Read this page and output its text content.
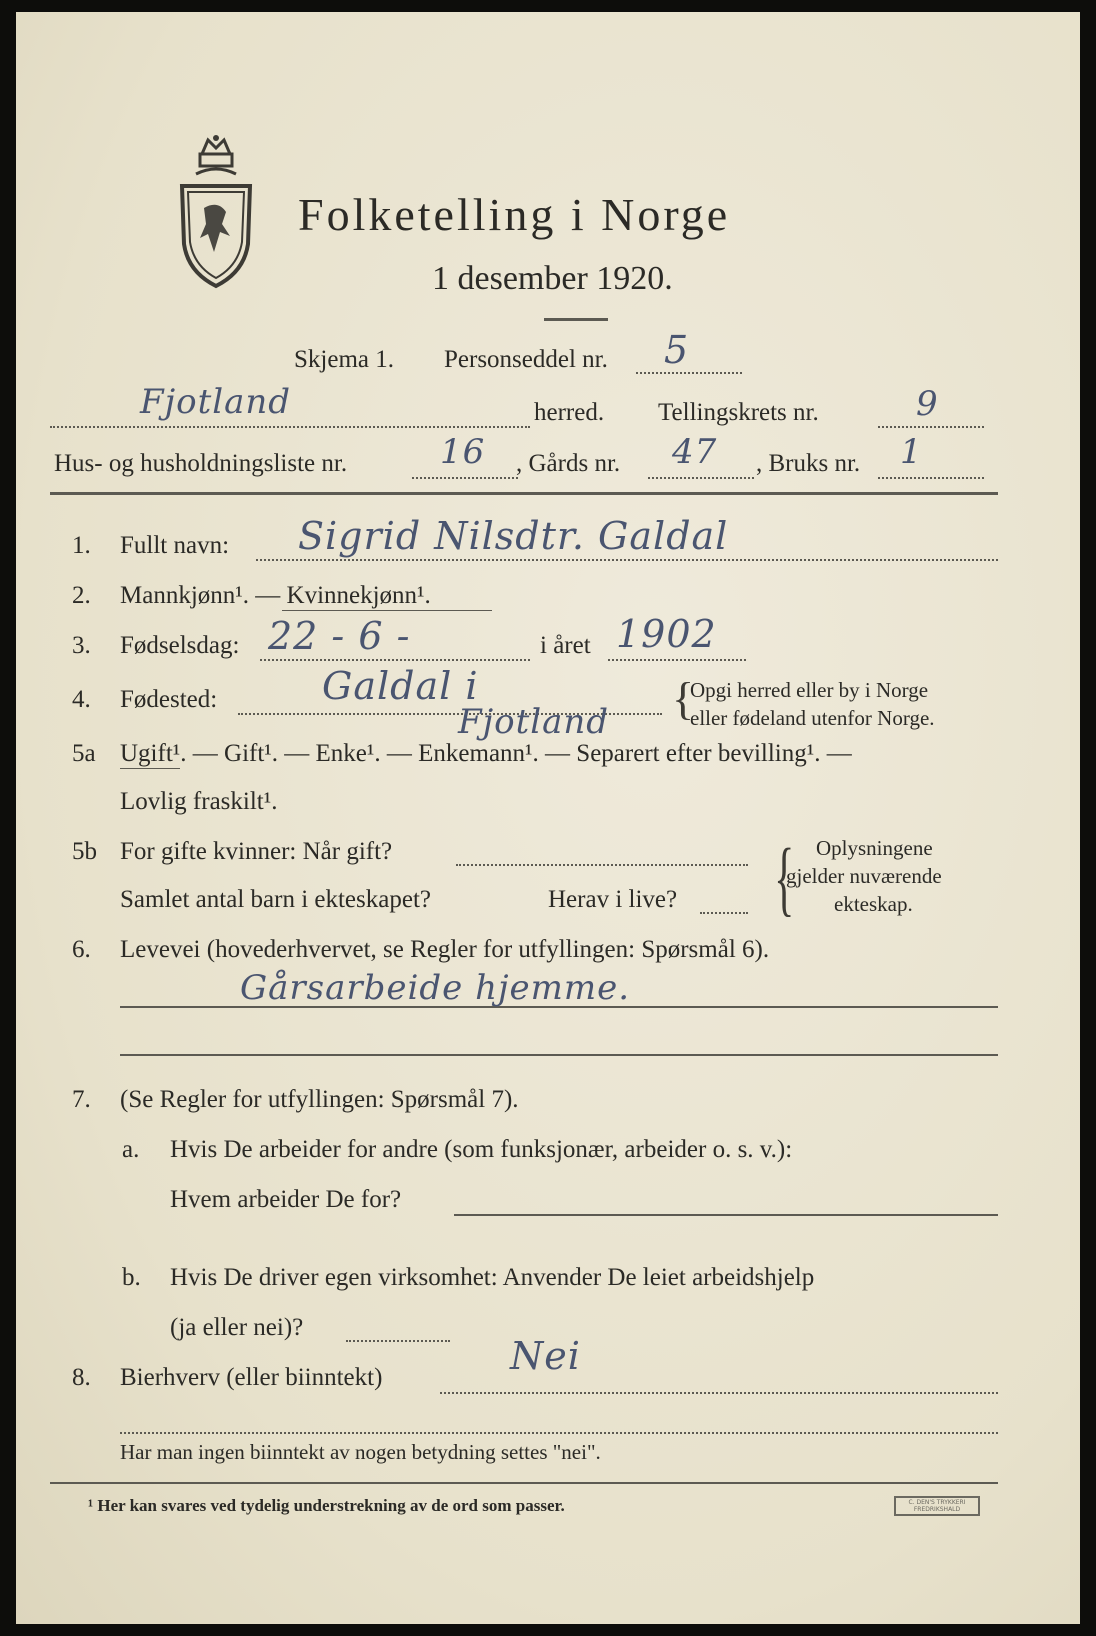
Folketelling i Norge
1 desember 1920.
Skjema 1. Personseddel nr. 5
Fjotland	herred. Tellingskrets nr.	9
Hus- og husholdningsliste nr.	16 , Gårds nr. 47 , Bruks nr. 1
1. Fullt navn: Sigrid Nilsdtr. Galdal
2. Mannkjønn¹. — Kvinnekjønn¹.
3. Fødselsdag: 22 - 6 -	i året 1902
4. Fødested:	Galdal i
Fjotland {
Opgi herred eller by i Norge
eller fødeland utenfor Norge.
5a Ugift¹. — Gift¹. — Enke¹. — Enkemann¹. — Separert efter bevilling¹. —
Lovlig fraskilt¹.
5b For gifte kvinner: Når gift?
Samlet antal barn i ekteskapet?	Herav i live? { Oplysningene
gjelder nuværende
ekteskap.
6. Levevei (hovederhvervet, se Regler for utfyllingen: Spørsmål 6).
Gårsarbeide hjemme.
7. (Se Regler for utfyllingen: Spørsmål 7).
a. Hvis De arbeider for andre (som funksjonær, arbeider o. s. v.):
Hvem arbeider De for?
b. Hvis De driver egen virksomhet: Anvender De leiet arbeidshjelp
(ja eller nei)?
8. Bierhverv (eller biinntekt)	Nei
Har man ingen biinntekt av nogen betydning settes "nei".
¹ Her kan svares ved tydelig understrekning av de ord som passer.	C. DEN'S TRYKKERI FREDRIKSHALD
